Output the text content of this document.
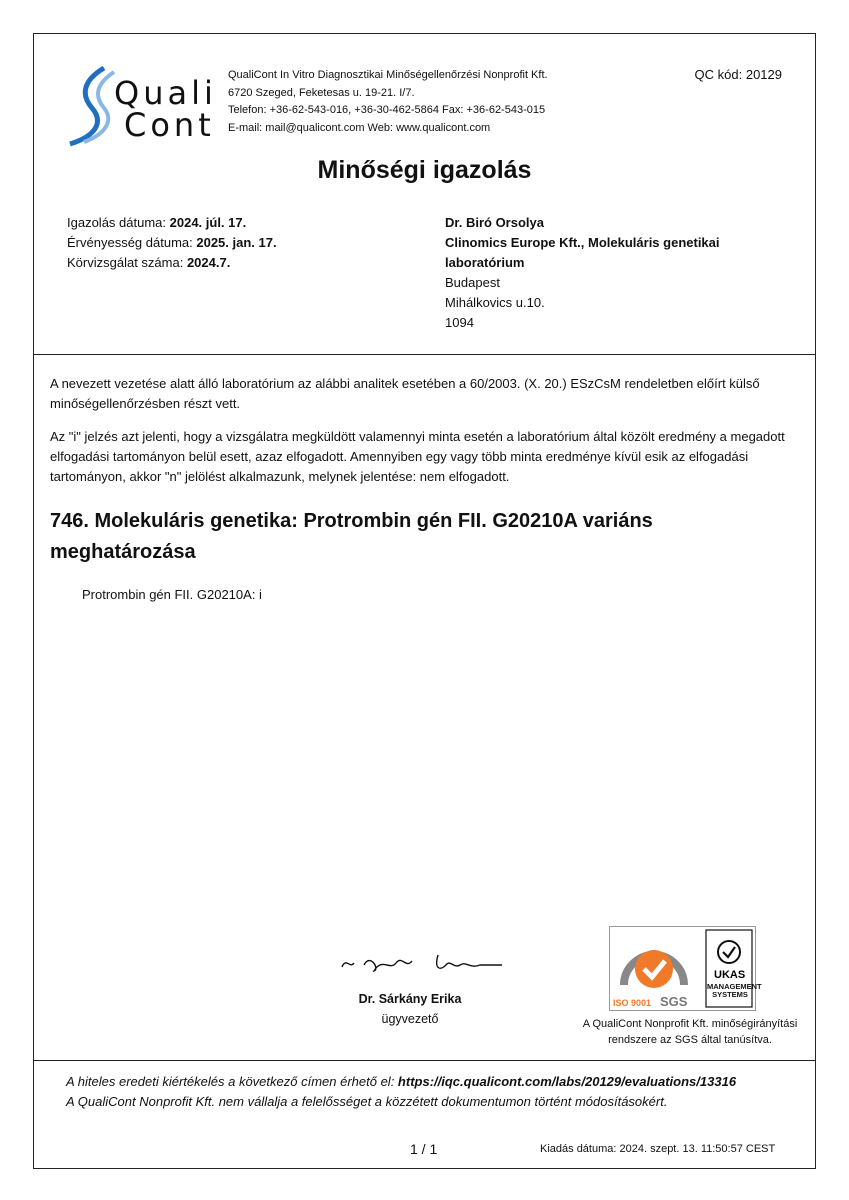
Quali
Cont
QualiCont In Vitro Diagnosztikai Minőségellenőrzési Nonprofit Kft.
6720 Szeged, Feketesas u. 19-21. I/7.
Telefon: +36-62-543-016, +36-30-462-5864 Fax: +36-62-543-015
E-mail: mail@qualicont.com Web: www.qualicont.com
QC kód: 20129
Minőségi igazolás
Igazolás dátuma: 2024. júl. 17.
Érvényesség dátuma: 2025. jan. 17.
Körvizsgálat száma: 2024.7.
Dr. Biró Orsolya
Clinomics Europe Kft., Molekuláris genetikai laboratórium
Budapest
Mihálkovics u.10.
1094
A nevezett vezetése alatt álló laboratórium az alábbi analitek esetében a 60/2003. (X. 20.) ESzCsM rendeletben előírt külső minőségellenőrzésben részt vett.
Az "i" jelzés azt jelenti, hogy a vizsgálatra megküldött valamennyi minta esetén a laboratórium által közölt eredmény a megadott elfogadási tartományon belül esett, azaz elfogadott. Amennyiben egy vagy több minta eredménye kívül esik az elfogadási tartományon, akkor "n" jelölést alkalmazunk, melynek jelentése: nem elfogadott.
746. Molekuláris genetika: Protrombin gén FII. G20210A variáns meghatározása
Protrombin gén FII. G20210A: i
Dr. Sárkány Erika
ügyvezető
ISO 9001 SGS
UKAS
MANAGEMENT SYSTEMS
A QualiCont Nonprofit Kft. minőségirányítási rendszere az SGS által tanúsítva.
A hiteles eredeti kiértékelés a következő címen érhető el: https://iqc.qualicont.com/labs/20129/evaluations/13316
A QualiCont Nonprofit Kft. nem vállalja a felelősséget a közzétett dokumentumon történt módosításokért.
1 / 1	Kiadás dátuma: 2024. szept. 13. 11:50:57 CEST
